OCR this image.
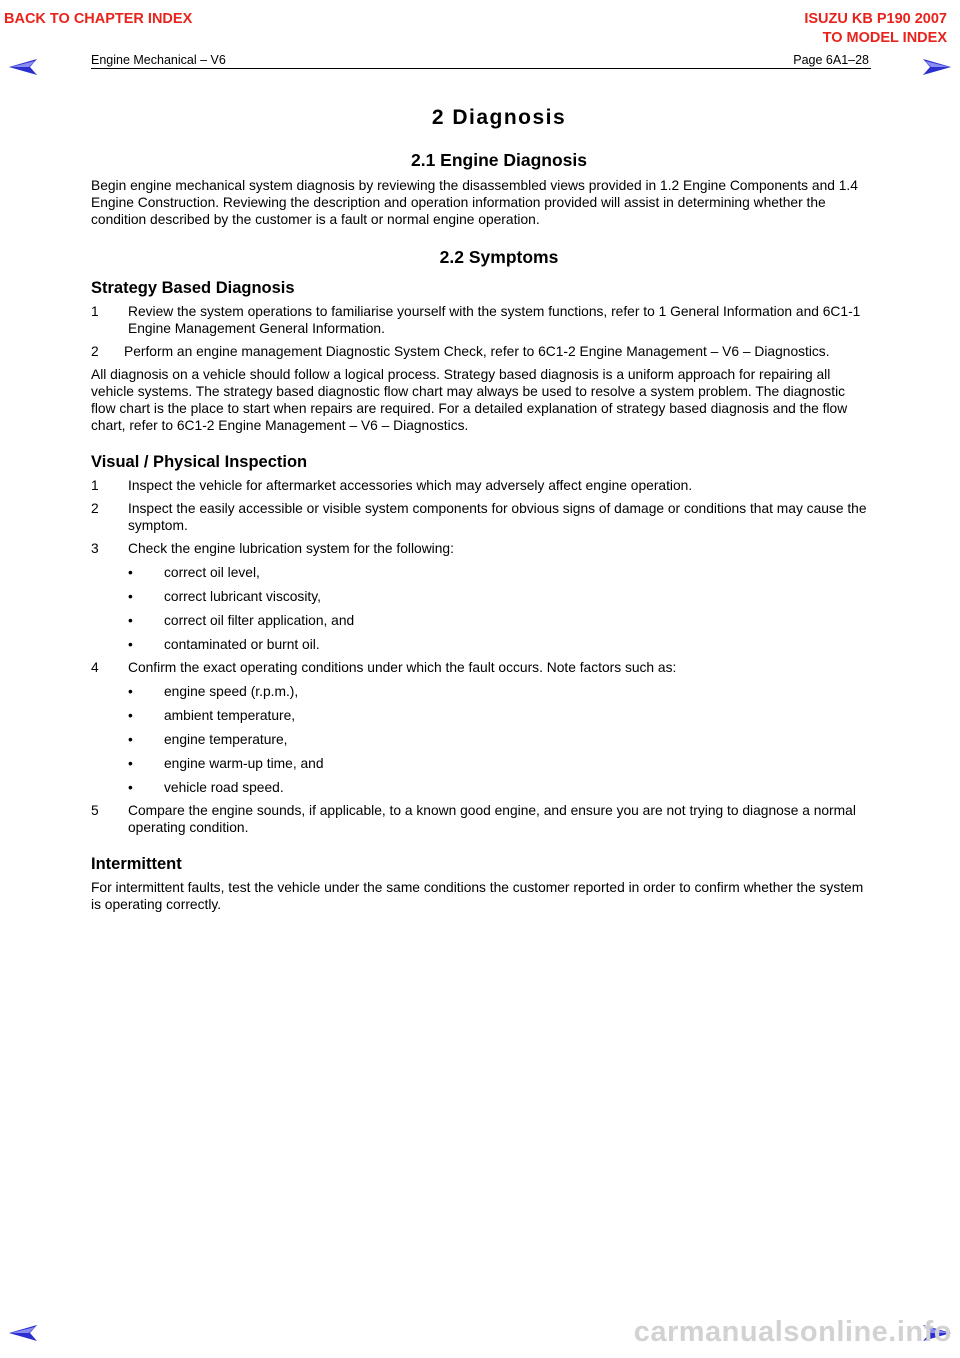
BACK TO CHAPTER INDEX	ISUZU KB P190 2007
TO MODEL INDEX
Engine Mechanical – V6	Page 6A1–28
2 Diagnosis
2.1 Engine Diagnosis

Begin engine mechanical system diagnosis by reviewing the disassembled views provided in 1.2 Engine Components and 1.4 Engine Construction. Reviewing the description and operation information provided will assist in determining whether the condition described by the customer is a fault or normal engine operation.

2.2 Symptoms
Strategy Based Diagnosis
1	Review the system operations to familiarise yourself with the system functions, refer to 1 General Information and 6C1-1 Engine Management General Information.
2	Perform an engine management Diagnostic System Check, refer to 6C1-2 Engine Management – V6 – Diagnostics.

All diagnosis on a vehicle should follow a logical process. Strategy based diagnosis is a uniform approach for repairing all vehicle systems. The strategy based diagnostic flow chart may always be used to resolve a system problem. The diagnostic flow chart is the place to start when repairs are required. For a detailed explanation of strategy based diagnosis and the flow chart, refer to 6C1-2 Engine Management – V6 – Diagnostics.

Visual / Physical Inspection
1	Inspect the vehicle for aftermarket accessories which may adversely affect engine operation.
2	Inspect the easily accessible or visible system components for obvious signs of damage or conditions that may cause the symptom.
3	Check the engine lubrication system for the following:
•	correct oil level,
•	correct lubricant viscosity,
•	correct oil filter application, and
•	contaminated or burnt oil.
4	Confirm the exact operating conditions under which the fault occurs. Note factors such as:
•	engine speed (r.p.m.),
•	ambient temperature,
•	engine temperature,
•	engine warm-up time, and
•	vehicle road speed.
5	Compare the engine sounds, if applicable, to a known good engine, and ensure you are not trying to diagnose a normal operating condition.
Intermittent

For intermittent faults, test the vehicle under the same conditions the customer reported in order to confirm whether the system is operating correctly.

carmanualsonline.info
